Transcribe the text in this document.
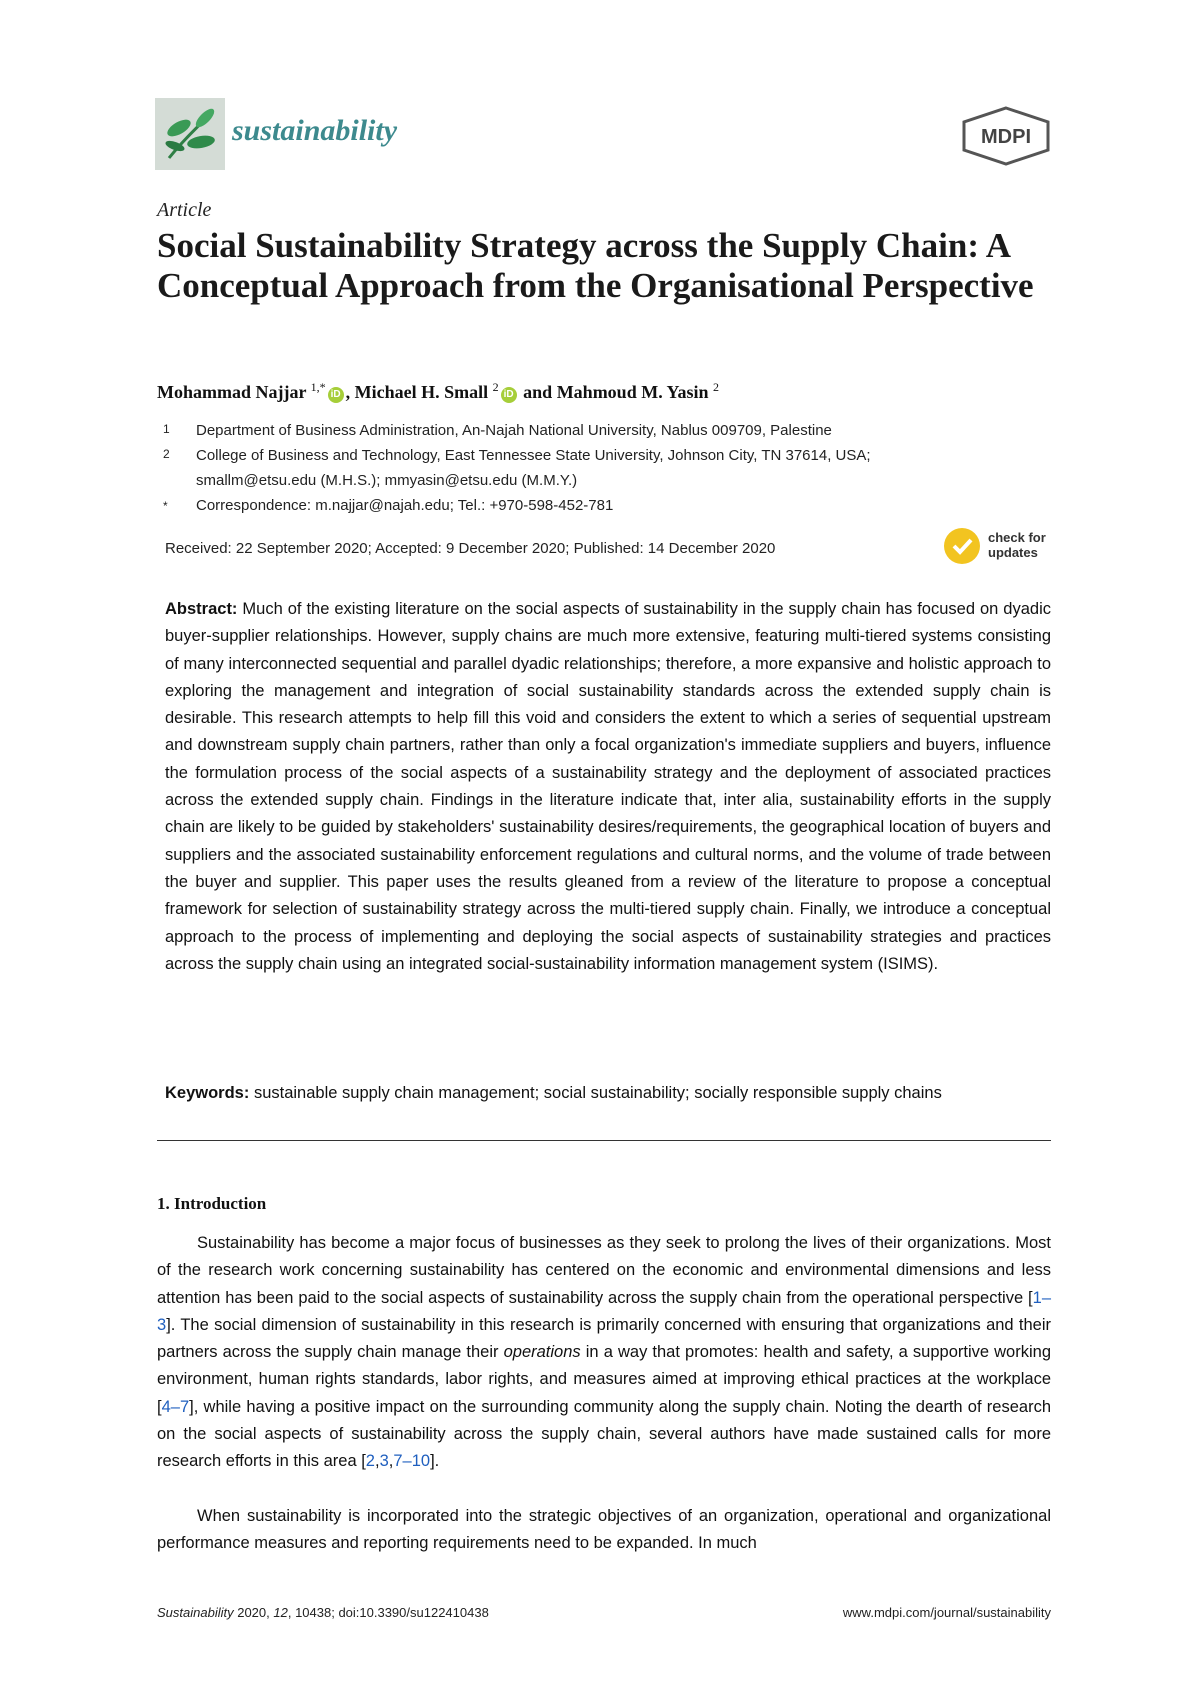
sustainability	MDPI
Article
Social Sustainability Strategy across the Supply Chain: A Conceptual Approach from the Organisational Perspective
Mohammad Najjar $^{1,*}$iD , Michael H. Small $^2$iD and Mahmoud M. Yasin $^2$
1 Department of Business Administration, An-Najah National University, Nablus 009709, Palestine
2 College of Business and Technology, East Tennessee State University, Johnson City, TN 37614, USA;
smallm@etsu.edu (M.H.S.); mmyasin@etsu.edu (M.M.Y.)
* Correspondence: m.najjar@najah.edu; Tel.: +970-598-452-781
Received: 22 September 2020; Accepted: 9 December 2020; Published: 14 December 2020
check for
updates

Abstract: Much of the existing literature on the social aspects of sustainability in the supply chain has focused on dyadic buyer-supplier relationships. However, supply chains are much more extensive, featuring multi-tiered systems consisting of many interconnected sequential and parallel dyadic relationships; therefore, a more expansive and holistic approach to exploring the management and integration of social sustainability standards across the extended supply chain is desirable. This research attempts to help fill this void and considers the extent to which a series of sequential upstream and downstream supply chain partners, rather than only a focal organization's immediate suppliers and buyers, influence the formulation process of the social aspects of a sustainability strategy and the deployment of associated practices across the extended supply chain. Findings in the literature indicate that, inter alia, sustainability efforts in the supply chain are likely to be guided by stakeholders' sustainability desires/requirements, the geographical location of buyers and suppliers and the associated sustainability enforcement regulations and cultural norms, and the volume of trade between the buyer and supplier. This paper uses the results gleaned from a review of the literature to propose a conceptual framework for selection of sustainability strategy across the multi-tiered supply chain. Finally, we introduce a conceptual approach to the process of implementing and deploying the social aspects of sustainability strategies and practices across the supply chain using an integrated social-sustainability information management system (ISIMS).

Keywords: sustainable supply chain management; social sustainability; socially responsible supply chains
1. Introduction

Sustainability has become a major focus of businesses as they seek to prolong the lives of their organizations. Most of the research work concerning sustainability has centered on the economic and environmental dimensions and less attention has been paid to the social aspects of sustainability across the supply chain from the operational perspective [1–3]. The social dimension of sustainability in this research is primarily concerned with ensuring that organizations and their partners across the supply chain manage their operations in a way that promotes: health and safety, a supportive working environment, human rights standards, labor rights, and measures aimed at improving ethical practices at the workplace [4–7], while having a positive impact on the surrounding community along the supply chain. Noting the dearth of research on the social aspects of sustainability across the supply chain, several authors have made sustained calls for more research efforts in this area [2,3,7–10].

When sustainability is incorporated into the strategic objectives of an organization, operational and organizational performance measures and reporting requirements need to be expanded. In much

Sustainability 2020, 12, 10438; doi:10.3390/su122410438	www.mdpi.com/journal/sustainability
